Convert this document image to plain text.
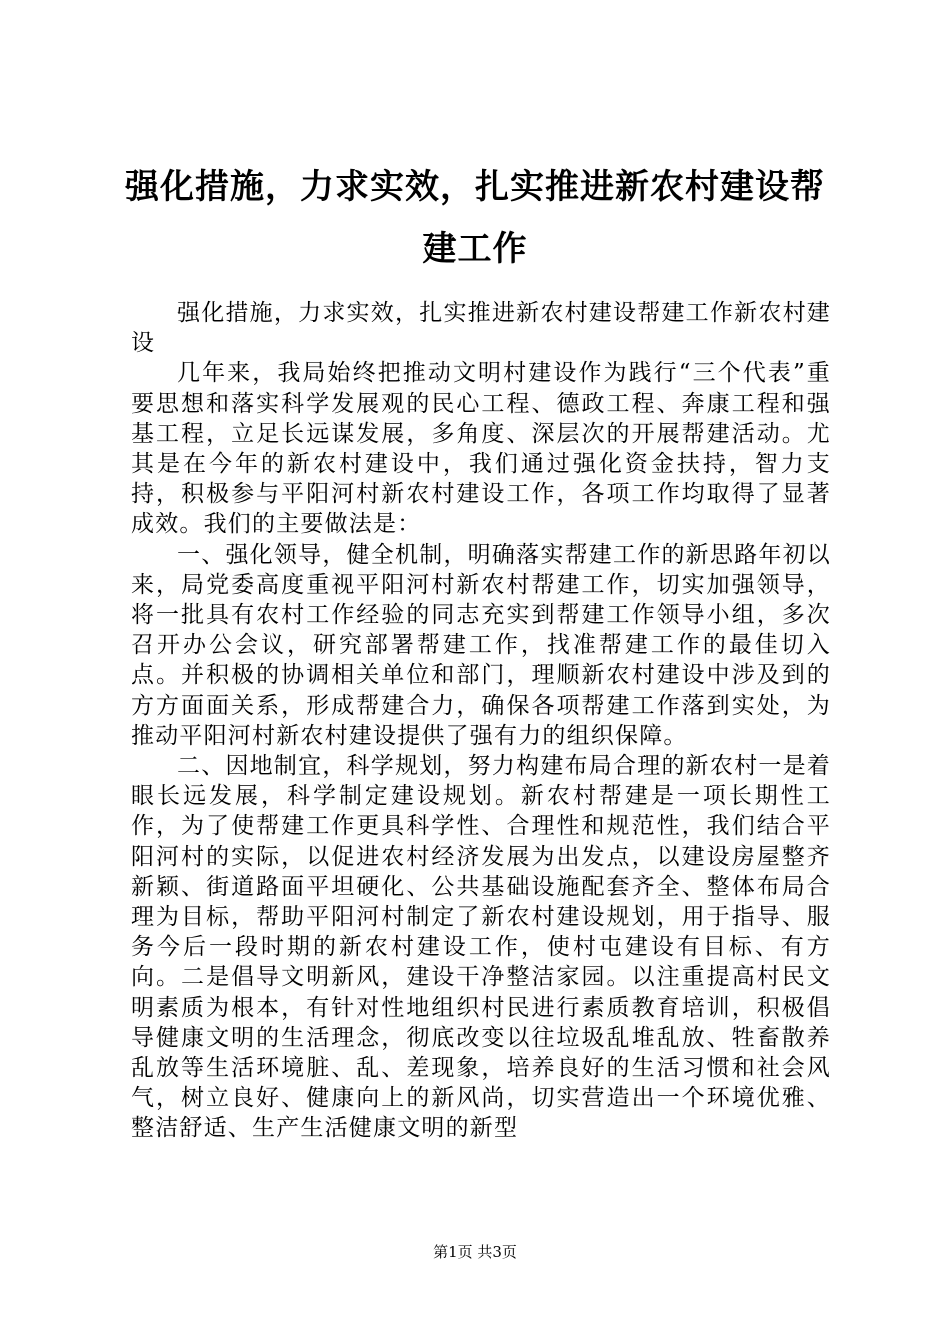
强化措施，力求实效，扎实推进新农村建设帮建工作

强化措施，力求实效，扎实推进新农村建设帮建工作新农村建设

几年来，我局始终把推动文明村建设作为践行“三个代表”重要思想和落实科学发展观的民心工程、德政工程、奔康工程和强基工程，立足长远谋发展，多角度、深层次的开展帮建活动。尤其是在今年的新农村建设中，我们通过强化资金扶持，智力支持，积极参与平阳河村新农村建设工作，各项工作均取得了显著成效。我们的主要做法是：

一、强化领导，健全机制，明确落实帮建工作的新思路年初以来，局党委高度重视平阳河村新农村帮建工作，切实加强领导，将一批具有农村工作经验的同志充实到帮建工作领导小组，多次召开办公会议，研究部署帮建工作，找准帮建工作的最佳切入点。并积极的协调相关单位和部门，理顺新农村建设中涉及到的方方面面关系，形成帮建合力，确保各项帮建工作落到实处，为推动平阳河村新农村建设提供了强有力的组织保障。

二、因地制宜，科学规划，努力构建布局合理的新农村一是着眼长远发展，科学制定建设规划。新农村帮建是一项长期性工作，为了使帮建工作更具科学性、合理性和规范性，我们结合平阳河村的实际，以促进农村经济发展为出发点，以建设房屋整齐新颖、街道路面平坦硬化、公共基础设施配套齐全、整体布局合理为目标，帮助平阳河村制定了新农村建设规划，用于指导、服务今后一段时期的新农村建设工作，使村屯建设有目标、有方向。二是倡导文明新风，建设干净整洁家园。以注重提高村民文明素质为根本，有针对性地组织村民进行素质教育培训，积极倡导健康文明的生活理念，彻底改变以往垃圾乱堆乱放、牲畜散养乱放等生活环境脏、乱、差现象，培养良好的生活习惯和社会风气，树立良好、健康向上的新风尚，切实营造出一个环境优雅、整洁舒适、生产生活健康文明的新型

第1页 共3页
